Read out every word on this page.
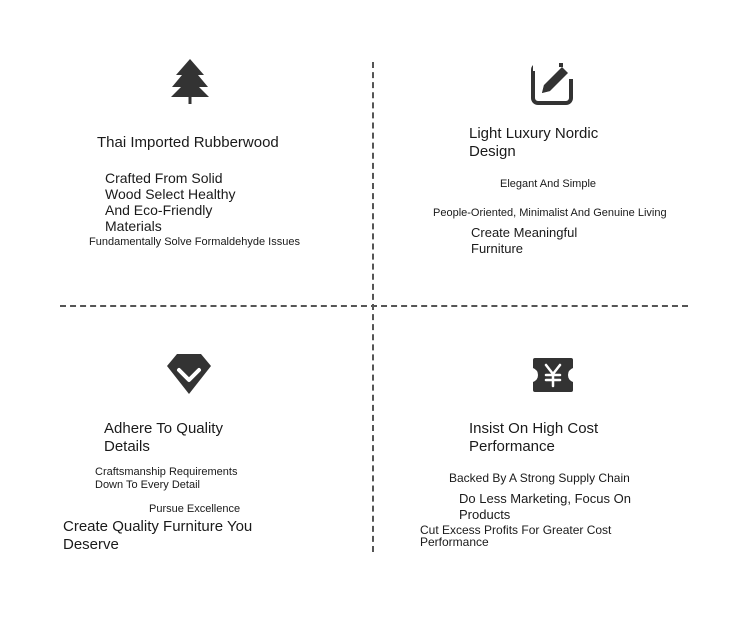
Thai Imported Rubberwood
Crafted From Solid
Wood Select Healthy
And Eco-Friendly
Materials
Fundamentally Solve Formaldehyde Issues
Light Luxury Nordic
Design
Elegant And Simple
People-Oriented, Minimalist And Genuine Living
Create Meaningful
Furniture
Adhere To Quality
Details
Craftsmanship Requirements
Down To Every Detail
Pursue Excellence
Create Quality Furniture You
Deserve
Insist On High Cost
Performance
Backed By A Strong Supply Chain
Do Less Marketing, Focus On
Products
Cut Excess Profits For Greater Cost
Performance
